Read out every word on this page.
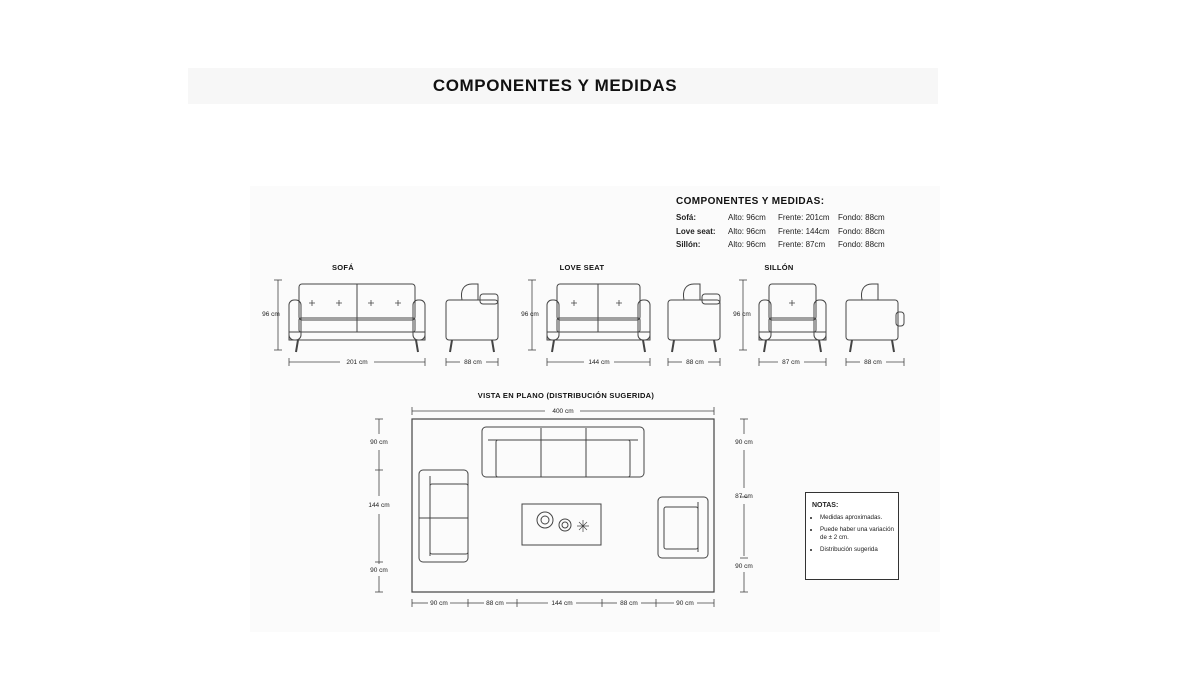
COMPONENTES Y MEDIDAS
COMPONENTES Y MEDIDAS:
Sofá:	Alto: 96cm Frente: 201cm Fondo: 88cm
Love seat: Alto: 96cm Frente: 144cm Fondo: 88cm
Sillón:	Alto: 96cm Frente: 87cm Fondo: 88cm
SOFÁ	LOVE SEAT	SILLÓN
96 cm
201 cm	88 cm
96 cm
144 cm	88 cm
96 cm
87 cm	88 cm
VISTA EN PLANO (DISTRIBUCIÓN SUGERIDA)
400 cm
90 cm
144 cm
90 cm
90 cm
87 cm
90 cm
90 cm	88 cm	144 cm	88 cm	90 cm
NOTAS:
• Medidas aproximadas.
• Puede haber una variación de ± 2 cm.
• Distribución sugerida
